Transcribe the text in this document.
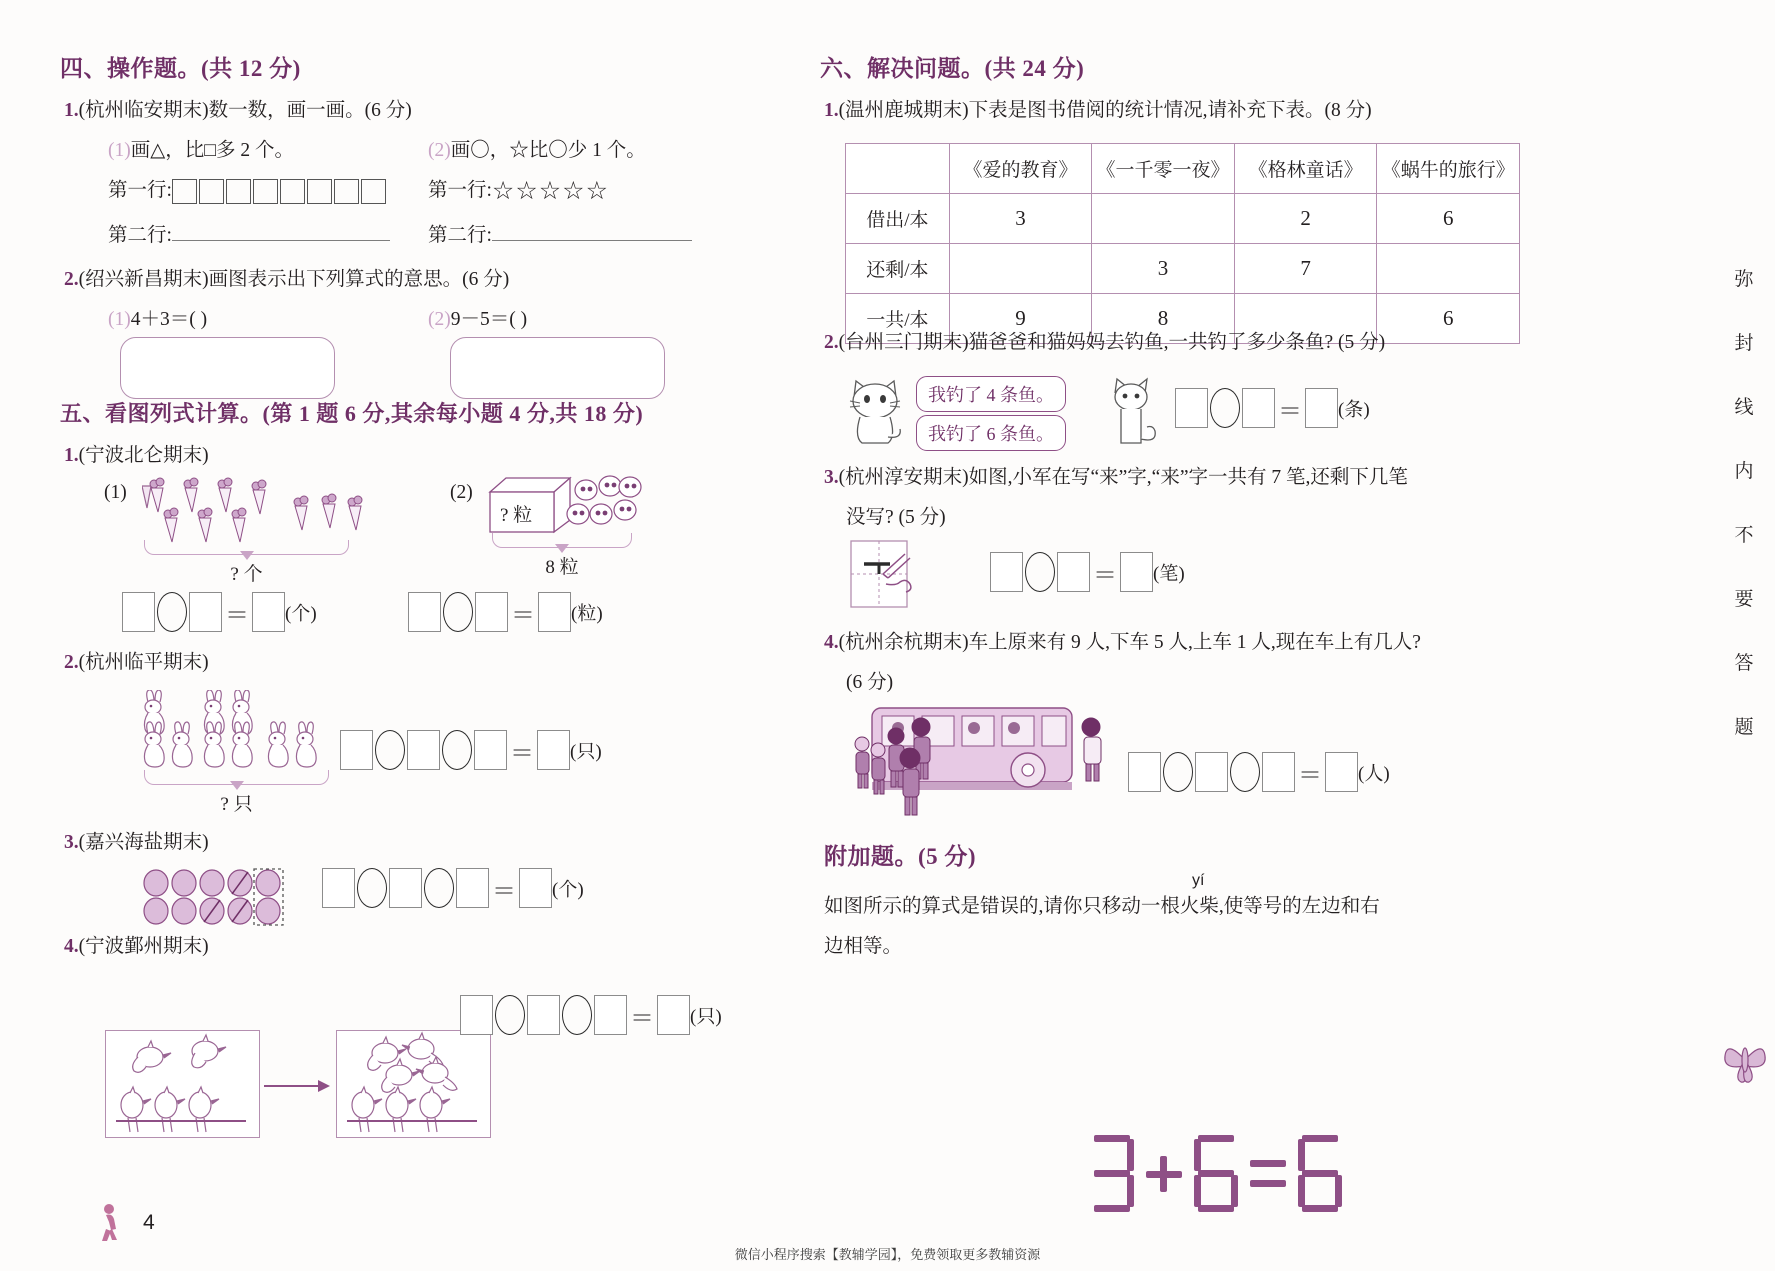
四、操作题。(共 12 分)
1.(杭州临安期末)数一数，画一画。(6 分)
(1)画△，比□多 2 个。
第一行:
第二行:
(2)画〇，☆比〇少 1 个。
第一行:☆☆☆☆☆
第二行:
2.(绍兴新昌期末)画图表示出下列算式的意思。(6 分)
(1)4＋3＝( )	(2)9－5＝( )
五、看图列式计算。(第 1 题 6 分,其余每小题 4 分,共 18 分)
1.(宁波北仑期末)
(1)
? 个
＝ (个)
(2)
? 粒
8 粒
＝ (粒)
2.(杭州临平期末)
? 只
＝ (只)
3.(嘉兴海盐期末)
＝ (个)
4.(宁波鄞州期末)
＝ (只)
六、解决问题。(共 24 分)
1.(温州鹿城期末)下表是图书借阅的统计情况,请补充下表。(8 分)
	《爱的教育》	《一千零一夜》	《格林童话》	《蜗牛的旅行》
借出/本	3		2	6
还剩/本		3	7	
一共/本	9	8		6
2.(台州三门期末)猫爸爸和猫妈妈去钓鱼,一共钓了多少条鱼? (5 分)
我钓了 4 条鱼。
我钓了 6 条鱼。
＝ (条)
3.(杭州淳安期末)如图,小军在写“来”字,“来”字一共有 7 笔,还剩下几笔
没写? (5 分)
＝ (笔)
4.(杭州余杭期末)车上原来有 9 人,下车 5 人,上车 1 人,现在车上有几人?
(6 分)
＝ (人)
附加题。(5 分)
yí
如图所示的算式是错误的,请你只移动一根火柴,使等号的左边和右
边相等。
弥
封
线
内
不
要
答
题
4
微信小程序搜索【教辅学园】，免费领取更多教辅资源
